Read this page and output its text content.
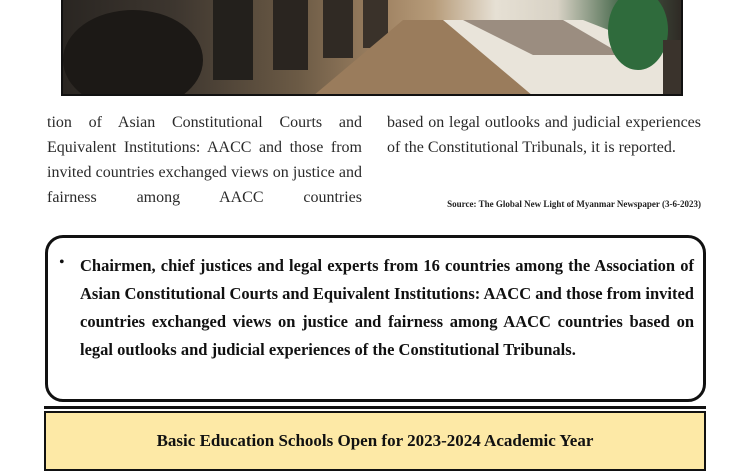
tion of Asian Constitutional Courts and Equivalent Institutions: AACC and those from invited countries exchanged views on justice and fairness among AACC countries
based on legal outlooks and judicial experiences of the Constitutional Tribunals, it is reported.
Source: The Global New Light of Myanmar Newspaper (3-6-2023)
• Chairmen, chief justices and legal experts from 16 countries among the Association of Asian Constitutional Courts and Equivalent Institutions: AACC and those from invited countries exchanged views on justice and fairness among AACC countries based on legal outlooks and judicial experiences of the Constitutional Tribunals.
Basic Education Schools Open for 2023-2024 Academic Year
